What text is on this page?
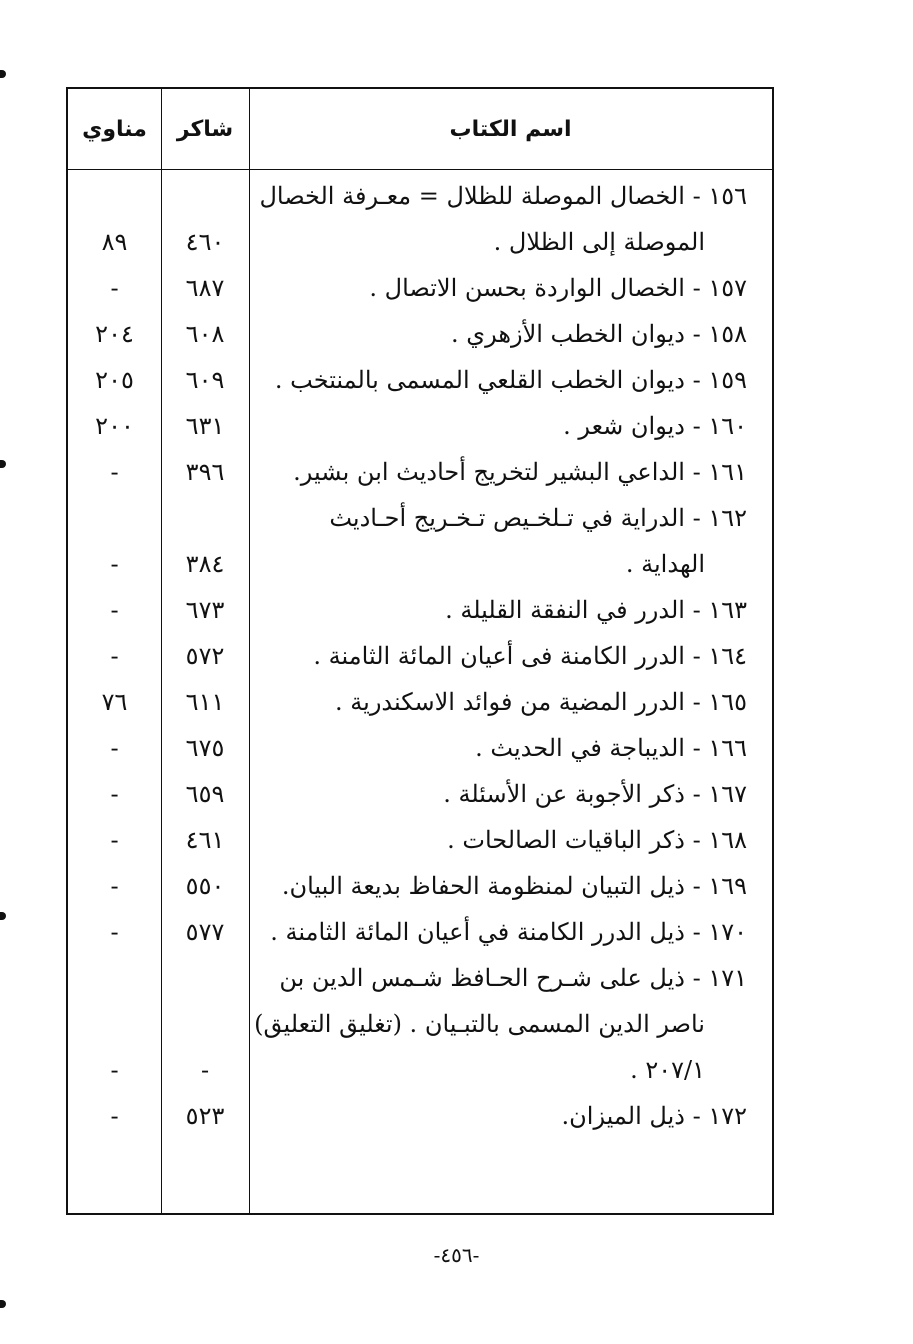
مناوي	شاكر	اسم الكتاب
١٥٦ - الخصال الموصلة للظلال = معـرفة الخصال
٨٩	٤٦٠	الموصلة إلى الظلال .
-	٦٨٧	١٥٧ - الخصال الواردة بحسن الاتصال .
٢٠٤	٦٠٨	١٥٨ - ديوان الخطب الأزهري .
٢٠٥	٦٠٩	١٥٩ - ديوان الخطب القلعي المسمى بالمنتخب .
٢٠٠	٦٣١	١٦٠ - ديوان شعر .
-	٣٩٦	١٦١ - الداعي البشير لتخريج أحاديث ابن بشير.
١٦٢ - الدراية في تـلخـيص تـخـريج أحـاديث
-	٣٨٤	الهداية .
-	٦٧٣	١٦٣ - الدرر في النفقة القليلة .
-	٥٧٢	١٦٤ - الدرر الكامنة فى أعيان المائة الثامنة .
٧٦	٦١١	١٦٥ - الدرر المضية من فوائد الاسكندرية .
-	٦٧٥	١٦٦ - الديباجة في الحديث .
-	٦٥٩	١٦٧ - ذكر الأجوبة عن الأسئلة .
-	٤٦١	١٦٨ - ذكر الباقيات الصالحات .
-	٥٥٠	١٦٩ - ذيل التبيان لمنظومة الحفاظ بديعة البيان.
-	٥٧٧	١٧٠ - ذيل الدرر الكامنة في أعيان المائة الثامنة .
١٧١ - ذيل على شـرح الحـافظ شـمس الدين بن
ناصر الدين المسمى بالتبـيان . (تغليق التعليق)
-	-	٢٠٧/١ .
-	٥٢٣	١٧٢ - ذيل الميزان.
-٤٥٦-
